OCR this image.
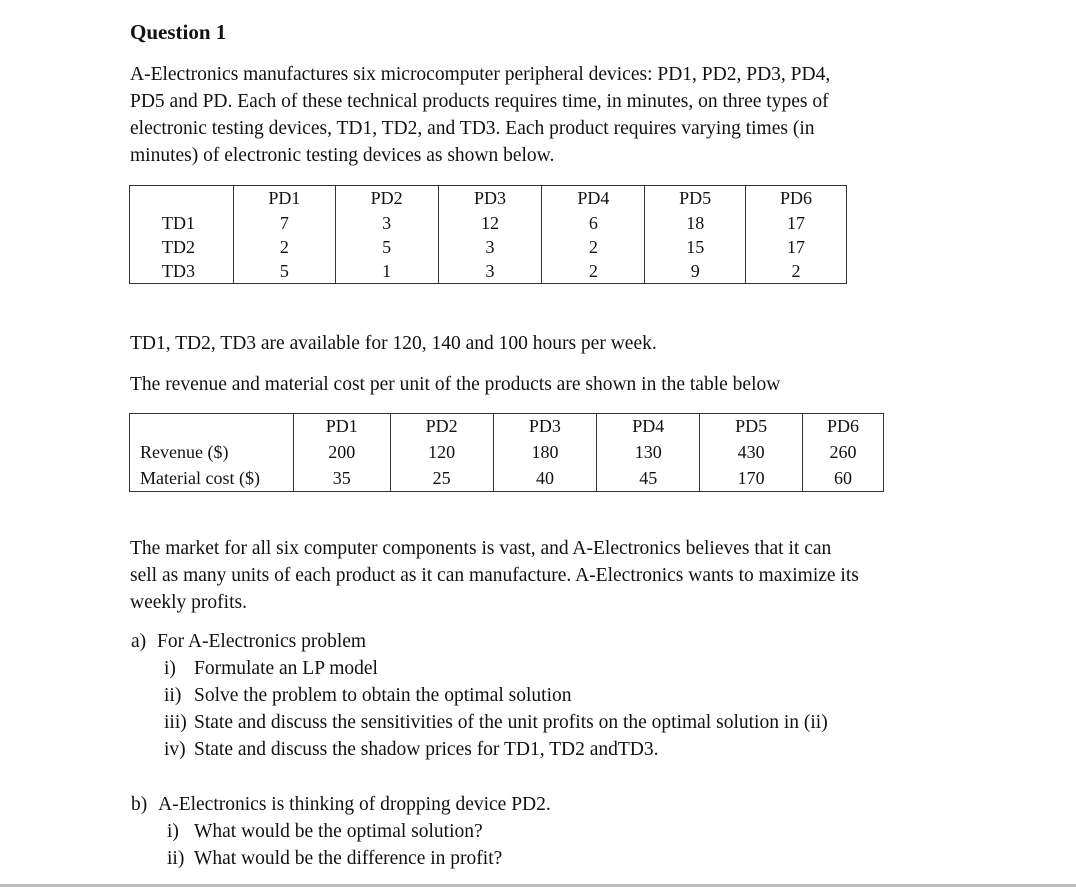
Question 1
A-Electronics manufactures six microcomputer peripheral devices: PD1, PD2, PD3, PD4,
PD5 and PD. Each of these technical products requires time, in minutes, on three types of
electronic testing devices, TD1, TD2, and TD3. Each product requires varying times (in
minutes) of electronic testing devices as shown below.
	PD1	PD2	PD3	PD4	PD5	PD6
TD1	7	3	12	6	18	17
TD2	2	5	3	2	15	17
TD3	5	1	3	2	9	2
TD1, TD2, TD3 are available for 120, 140 and 100 hours per week.
The revenue and material cost per unit of the products are shown in the table below
	PD1	PD2	PD3	PD4	PD5	PD6
Revenue ($)	200	120	180	130	430	260
Material cost ($)	35	25	40	45	170	60
The market for all six computer components is vast, and A-Electronics believes that it can
sell as many units of each product as it can manufacture. A-Electronics wants to maximize its
weekly profits.
a) For A-Electronics problem
i) Formulate an LP model
ii) Solve the problem to obtain the optimal solution
iii) State and discuss the sensitivities of the unit profits on the optimal solution in (ii)
iv) State and discuss the shadow prices for TD1, TD2 andTD3.
b) A-Electronics is thinking of dropping device PD2.
i) What would be the optimal solution?
ii) What would be the difference in profit?
